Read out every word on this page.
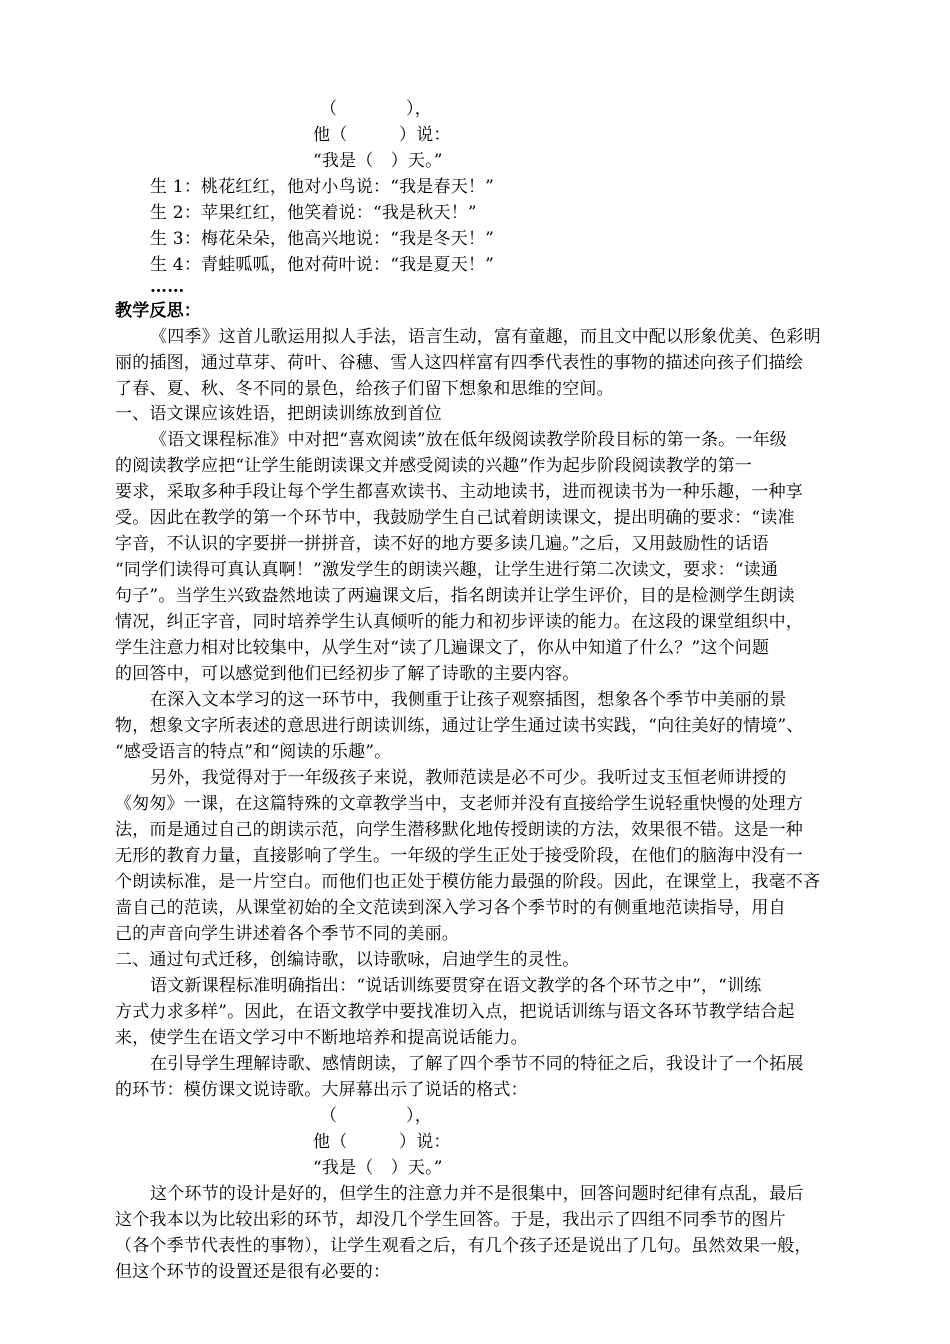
（　　　　），
他（　　　）说：
“我是（　）天。”
生 1：桃花红红，他对小鸟说：“我是春天！”
生 2：苹果红红，他笑着说：“我是秋天！”
生 3：梅花朵朵，他高兴地说：“我是冬天！”
生 4：青蛙呱呱，他对荷叶说：“我是夏天！”
……
教学反思：
《四季》这首儿歌运用拟人手法，语言生动，富有童趣，而且文中配以形象优美、色彩明
丽的插图，通过草芽、荷叶、谷穗、雪人这四样富有四季代表性的事物的描述向孩子们描绘
了春、夏、秋、冬不同的景色，给孩子们留下想象和思维的空间。
一、语文课应该姓语，把朗读训练放到首位
《语文课程标准》中对把“喜欢阅读”放在低年级阅读教学阶段目标的第一条。一年级
的阅读教学应把“让学生能朗读课文并感受阅读的兴趣”作为起步阶段阅读教学的第一
要求，采取多种手段让每个学生都喜欢读书、主动地读书，进而视读书为一种乐趣，一种享
受。因此在教学的第一个环节中，我鼓励学生自己试着朗读课文，提出明确的要求：“读准
字音，不认识的字要拼一拼拼音，读不好的地方要多读几遍。”之后，又用鼓励性的话语
“同学们读得可真认真啊！”激发学生的朗读兴趣，让学生进行第二次读文，要求：“读通
句子”。当学生兴致盎然地读了两遍课文后，指名朗读并让学生评价，目的是检测学生朗读
情况，纠正字音，同时培养学生认真倾听的能力和初步评读的能力。在这段的课堂组织中，
学生注意力相对比较集中，从学生对“读了几遍课文了，你从中知道了什么？”这个问题
的回答中，可以感觉到他们已经初步了解了诗歌的主要内容。
在深入文本学习的这一环节中，我侧重于让孩子观察插图，想象各个季节中美丽的景
物，想象文字所表述的意思进行朗读训练，通过让学生通过读书实践，“向往美好的情境”、
“感受语言的特点”和“阅读的乐趣”。
另外，我觉得对于一年级孩子来说，教师范读是必不可少。我听过支玉恒老师讲授的
《匆匆》一课，在这篇特殊的文章教学当中，支老师并没有直接给学生说轻重快慢的处理方
法，而是通过自己的朗读示范，向学生潜移默化地传授朗读的方法，效果很不错。这是一种
无形的教育力量，直接影响了学生。一年级的学生正处于接受阶段，在他们的脑海中没有一
个朗读标准，是一片空白。而他们也正处于模仿能力最强的阶段。因此，在课堂上，我毫不吝
啬自己的范读，从课堂初始的全文范读到深入学习各个季节时的有侧重地范读指导，用自
己的声音向学生讲述着各个季节不同的美丽。
二、通过句式迁移，创编诗歌，以诗歌咏，启迪学生的灵性。
语文新课程标准明确指出：“说话训练要贯穿在语文教学的各个环节之中”，“训练
方式力求多样”。因此，在语文教学中要找准切入点，把说话训练与语文各环节教学结合起
来，使学生在语文学习中不断地培养和提高说话能力。
在引导学生理解诗歌、感情朗读，了解了四个季节不同的特征之后，我设计了一个拓展
的环节：模仿课文说诗歌。大屏幕出示了说话的格式：
（　　　　），
他（　　　）说：
“我是（　）天。”
这个环节的设计是好的，但学生的注意力并不是很集中，回答问题时纪律有点乱，最后
这个我本以为比较出彩的环节，却没几个学生回答。于是，我出示了四组不同季节的图片
（各个季节代表性的事物），让学生观看之后，有几个孩子还是说出了几句。虽然效果一般，
但这个环节的设置还是很有必要的：
